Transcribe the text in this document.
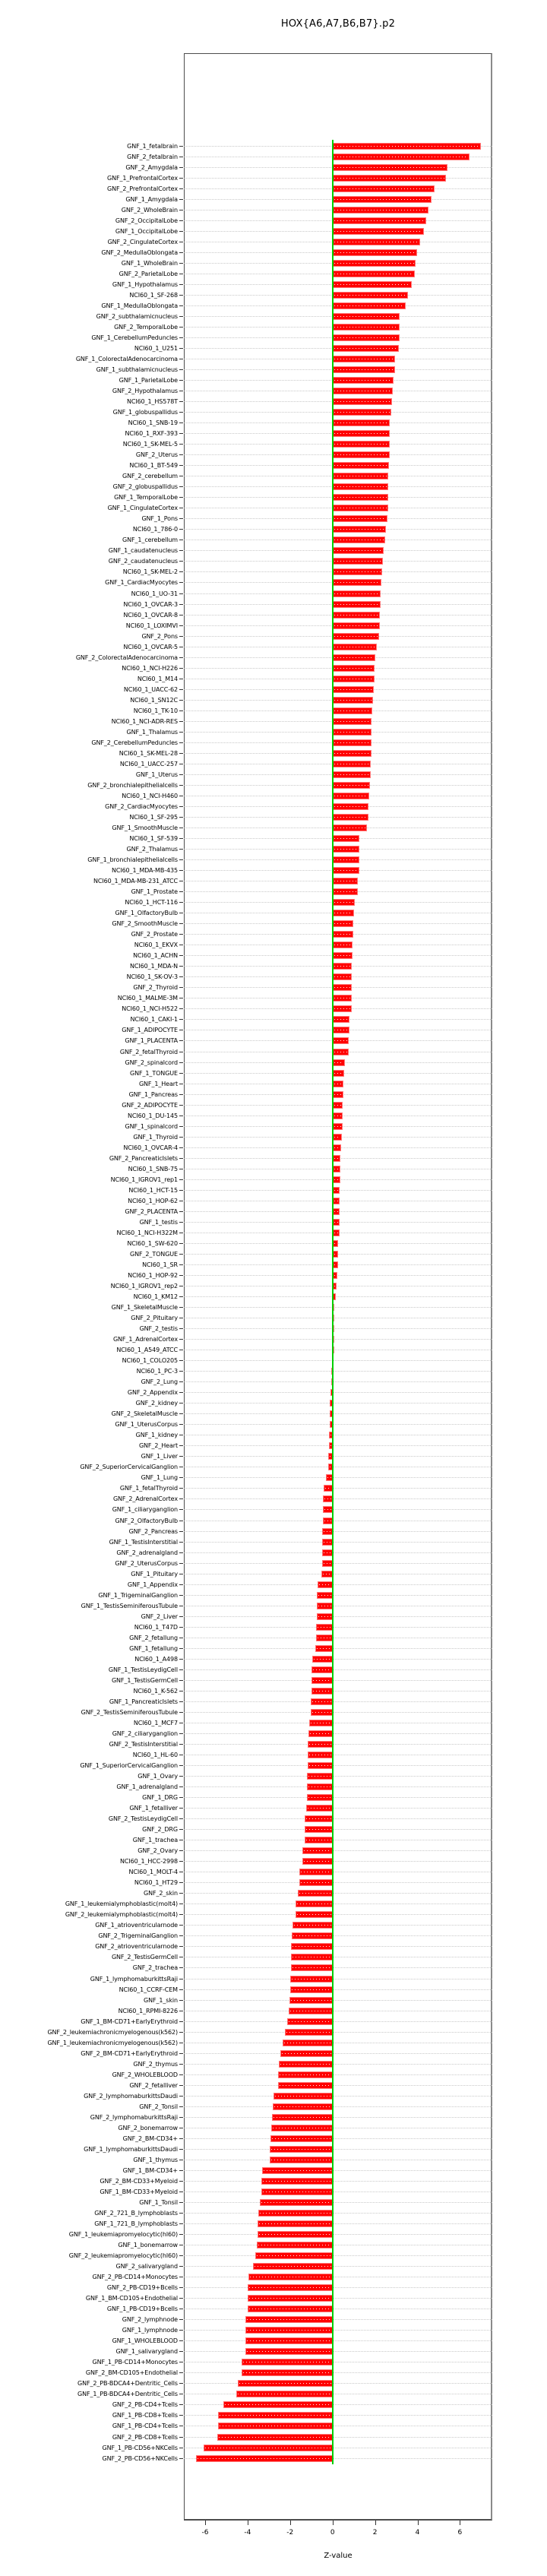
HOX{A6,A7,B6,B7}.p2
GNF_1_fetalbrain
GNF_2_fetalbrain
GNF_2_Amygdala
GNF_1_PrefrontalCortex
GNF_2_PrefrontalCortex
GNF_1_Amygdala
GNF_2_WholeBrain
GNF_2_OccipitalLobe
GNF_1_OccipitalLobe
GNF_2_CingulateCortex
GNF_2_MedullaOblongata
GNF_1_WholeBrain
GNF_2_ParietalLobe
GNF_1_Hypothalamus
NCI60_1_SF-268
GNF_1_MedullaOblongata
GNF_2_subthalamicnucleus
GNF_2_TemporalLobe
GNF_1_CerebellumPeduncles
NCI60_1_U251
GNF_1_ColorectalAdenocarcinoma
GNF_1_subthalamicnucleus
GNF_1_ParietalLobe
GNF_2_Hypothalamus
NCI60_1_HS578T
GNF_1_globuspallidus
NCI60_1_SNB-19
NCI60_1_RXF-393
NCI60_1_SK-MEL-5
GNF_2_Uterus
NCI60_1_BT-549
GNF_2_cerebellum
GNF_2_globuspallidus
GNF_1_TemporalLobe
GNF_1_CingulateCortex
GNF_1_Pons
NCI60_1_786-0
GNF_1_cerebellum
GNF_1_caudatenucleus
GNF_2_caudatenucleus
NCI60_1_SK-MEL-2
GNF_1_CardiacMyocytes
NCI60_1_UO-31
NCI60_1_OVCAR-3
NCI60_1_OVCAR-8
NCI60_1_LOXIMVI
GNF_2_Pons
NCI60_1_OVCAR-5
GNF_2_ColorectalAdenocarcinoma
NCI60_1_NCI-H226
NCI60_1_M14
NCI60_1_UACC-62
NCI60_1_SN12C
NCI60_1_TK-10
NCI60_1_NCI-ADR-RES
GNF_1_Thalamus
GNF_2_CerebellumPeduncles
NCI60_1_SK-MEL-28
NCI60_1_UACC-257
GNF_1_Uterus
GNF_2_bronchialepithelialcells
NCI60_1_NCI-H460
GNF_2_CardiacMyocytes
NCI60_1_SF-295
GNF_1_SmoothMuscle
NCI60_1_SF-539
GNF_2_Thalamus
GNF_1_bronchialepithelialcells
NCI60_1_MDA-MB-435
NCI60_1_MDA-MB-231_ATCC
GNF_1_Prostate
NCI60_1_HCT-116
GNF_1_OlfactoryBulb
GNF_2_SmoothMuscle
GNF_2_Prostate
NCI60_1_EKVX
NCI60_1_ACHN
NCI60_1_MDA-N
NCI60_1_SK-OV-3
GNF_2_Thyroid
NCI60_1_MALME-3M
NCI60_1_NCI-H522
NCI60_1_CAKI-1
GNF_1_ADIPOCYTE
GNF_1_PLACENTA
GNF_2_fetalThyroid
GNF_2_spinalcord
GNF_1_TONGUE
GNF_1_Heart
GNF_1_Pancreas
GNF_2_ADIPOCYTE
NCI60_1_DU-145
GNF_1_spinalcord
GNF_1_Thyroid
NCI60_1_OVCAR-4
GNF_2_PancreaticIslets
NCI60_1_SNB-75
NCI60_1_IGROV1_rep1
NCI60_1_HCT-15
NCI60_1_HOP-62
GNF_2_PLACENTA
GNF_1_testis
NCI60_1_NCI-H322M
NCI60_1_SW-620
GNF_2_TONGUE
NCI60_1_SR
NCI60_1_HOP-92
NCI60_1_IGROV1_rep2
NCI60_1_KM12
GNF_1_SkeletalMuscle
GNF_2_Pituitary
GNF_2_testis
GNF_1_AdrenalCortex
NCI60_1_A549_ATCC
NCI60_1_COLO205
NCI60_1_PC-3
GNF_2_Lung
GNF_2_Appendix
GNF_2_kidney
GNF_2_SkeletalMuscle
GNF_1_UterusCorpus
GNF_1_kidney
GNF_2_Heart
GNF_1_Liver
GNF_2_SuperiorCervicalGanglion
GNF_1_Lung
GNF_1_fetalThyroid
GNF_2_AdrenalCortex
GNF_1_ciliaryganglion
GNF_2_OlfactoryBulb
GNF_2_Pancreas
GNF_1_TestisInterstitial
GNF_2_adrenalgland
GNF_2_UterusCorpus
GNF_1_Pituitary
GNF_1_Appendix
GNF_1_TrigeminalGanglion
GNF_1_TestisSeminiferousTubule
GNF_2_Liver
NCI60_1_T47D
GNF_2_fetallung
GNF_1_fetallung
NCI60_1_A498
GNF_1_TestisLeydigCell
GNF_1_TestisGermCell
NCI60_1_K-562
GNF_1_PancreaticIslets
GNF_2_TestisSeminiferousTubule
NCI60_1_MCF7
GNF_2_ciliaryganglion
GNF_2_TestisInterstitial
NCI60_1_HL-60
GNF_1_SuperiorCervicalGanglion
GNF_1_Ovary
GNF_1_adrenalgland
GNF_1_DRG
GNF_1_fetalliver
GNF_2_TestisLeydigCell
GNF_2_DRG
GNF_1_trachea
GNF_2_Ovary
NCI60_1_HCC-2998
NCI60_1_MOLT-4
NCI60_1_HT29
GNF_2_skin
GNF_1_leukemialymphoblastic(molt4)
GNF_2_leukemialymphoblastic(molt4)
GNF_1_atrioventricularnode
GNF_2_TrigeminalGanglion
GNF_2_atrioventricularnode
GNF_2_TestisGermCell
GNF_2_trachea
GNF_1_lymphomaburkittsRaji
NCI60_1_CCRF-CEM
GNF_1_skin
NCI60_1_RPMI-8226
GNF_1_BM-CD71+EarlyErythroid
GNF_2_leukemiachronicmyelogenous(k562)
GNF_1_leukemiachronicmyelogenous(k562)
GNF_2_BM-CD71+EarlyErythroid
GNF_2_thymus
GNF_2_WHOLEBLOOD
GNF_2_fetalliver
GNF_2_lymphomaburkittsDaudi
GNF_2_Tonsil
GNF_2_lymphomaburkittsRaji
GNF_2_bonemarrow
GNF_2_BM-CD34+
GNF_1_lymphomaburkittsDaudi
GNF_1_thymus
GNF_1_BM-CD34+
GNF_2_BM-CD33+Myeloid
GNF_1_BM-CD33+Myeloid
GNF_1_Tonsil
GNF_2_721_B_lymphoblasts
GNF_1_721_B_lymphoblasts
GNF_1_leukemiapromyelocytic(hl60)
GNF_1_bonemarrow
GNF_2_leukemiapromyelocytic(hl60)
GNF_2_salivarygland
GNF_2_PB-CD14+Monocytes
GNF_2_PB-CD19+Bcells
GNF_1_BM-CD105+Endothelial
GNF_1_PB-CD19+Bcells
GNF_2_lymphnode
GNF_1_lymphnode
GNF_1_WHOLEBLOOD
GNF_1_salivarygland
GNF_1_PB-CD14+Monocytes
GNF_2_BM-CD105+Endothelial
GNF_2_PB-BDCA4+Dentritic_Cells
GNF_1_PB-BDCA4+Dentritic_Cells
GNF_2_PB-CD4+Tcells
GNF_1_PB-CD8+Tcells
GNF_1_PB-CD4+Tcells
GNF_2_PB-CD8+Tcells
GNF_1_PB-CD56+NKCells
GNF_2_PB-CD56+NKCells
-6	-4	-2	0	2	4	6
Z-value
